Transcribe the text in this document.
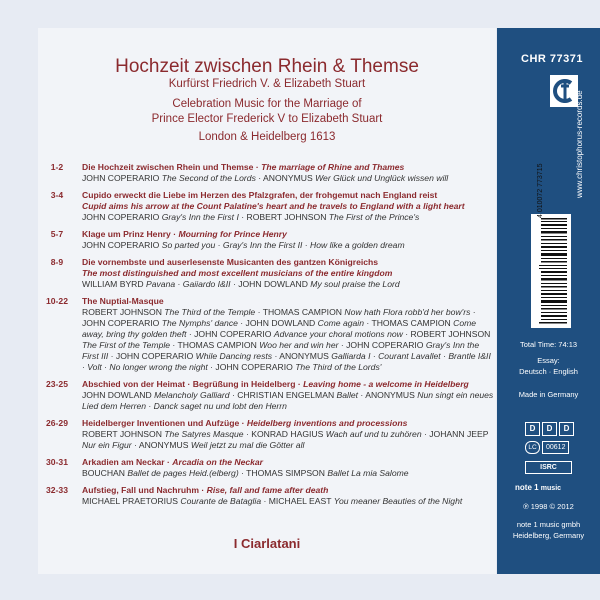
Hochzeit zwischen Rhein & Themse
Kurfürst Friedrich V. & Elizabeth Stuart
Celebration Music for the Marriage of
Prince Elector Frederick V to Elizabeth Stuart
London & Heidelberg 1613
1-2	Die Hochzeit zwischen Rhein und Themse · The marriage of Rhine and Thames
JOHN COPERARIO The Second of the Lords · ANONYMUS Wer Glück und Unglück wissen will
3-4	Cupido erweckt die Liebe im Herzen des Pfalzgrafen, der frohgemut nach England reist
Cupid aims his arrow at the Count Palatine's heart and he travels to England with a light heart
JOHN COPERARIO Gray's Inn the First I · ROBERT JOHNSON The First of the Prince's
5-7	Klage um Prinz Henry · Mourning for Prince Henry
JOHN COPERARIO So parted you · Gray's Inn the First II · How like a golden dream
8-9	Die vornembste und auserlesenste Musicanten des gantzen Königreichs
The most distinguished and most excellent musicians of the entire kingdom
WILLIAM BYRD Pavana · Gaiiardo I&II · JOHN DOWLAND My soul praise the Lord
10-22	The Nuptial-Masque
ROBERT JOHNSON The Third of the Temple · THOMAS CAMPION Now hath Flora robb'd her bow'rs · JOHN COPERARIO The Nymphs' dance · JOHN DOWLAND Come again · THOMAS CAMPION Come away, bring thy golden theft · JOHN COPERARIO Advance your choral motions now · ROBERT JOHNSON The First of the Temple · THOMAS CAMPION Woo her and win her · JOHN COPERARIO Gray's Inn the First III · JOHN COPERARIO While Dancing rests · ANONYMUS Galliarda I · Courant Lavallet · Brantle I&II · Volt · No longer wrong the night · JOHN COPERARIO The Third of the Lords'
23-25	Abschied von der Heimat · Begrüßung in Heidelberg · Leaving home - a welcome in Heidelberg
JOHN DOWLAND Melancholy Galliard · CHRISTIAN ENGELMAN Ballet · ANONYMUS Nun singt ein neues Lied dem Herren · Danck saget nu und lobt den Herrn
26-29	Heidelberger Inventionen und Aufzüge · Heidelberg inventions and processions
ROBERT JOHNSON The Satyres Masque · KONRAD HAGIUS Wach auf und tu zuhören · JOHANN JEEP Nur ein Figur · ANONYMUS Weil jetzt zu mal die Götter all
30-31	Arkadien am Neckar · Arcadia on the Neckar
BOUCHAN Ballet de pages Heid.(elberg) · THOMAS SIMPSON Ballet La mia Salome
32-33	Aufstieg, Fall und Nachruhm · Rise, fall and fame after death
MICHAEL PRAETORIUS Courante de Bataglia · MICHAEL EAST You meaner Beauties of the Night
I Ciarlatani
CHR 77371
www.christophorus-records.de
4 010072 773715
Total Time: 74:13
Essay:
Deutsch · English
Made in Germany
D	D	D
LC	00612
ISRC
note 1 music
℗ 1998 © 2012
note 1 music gmbh
Heidelberg, Germany
